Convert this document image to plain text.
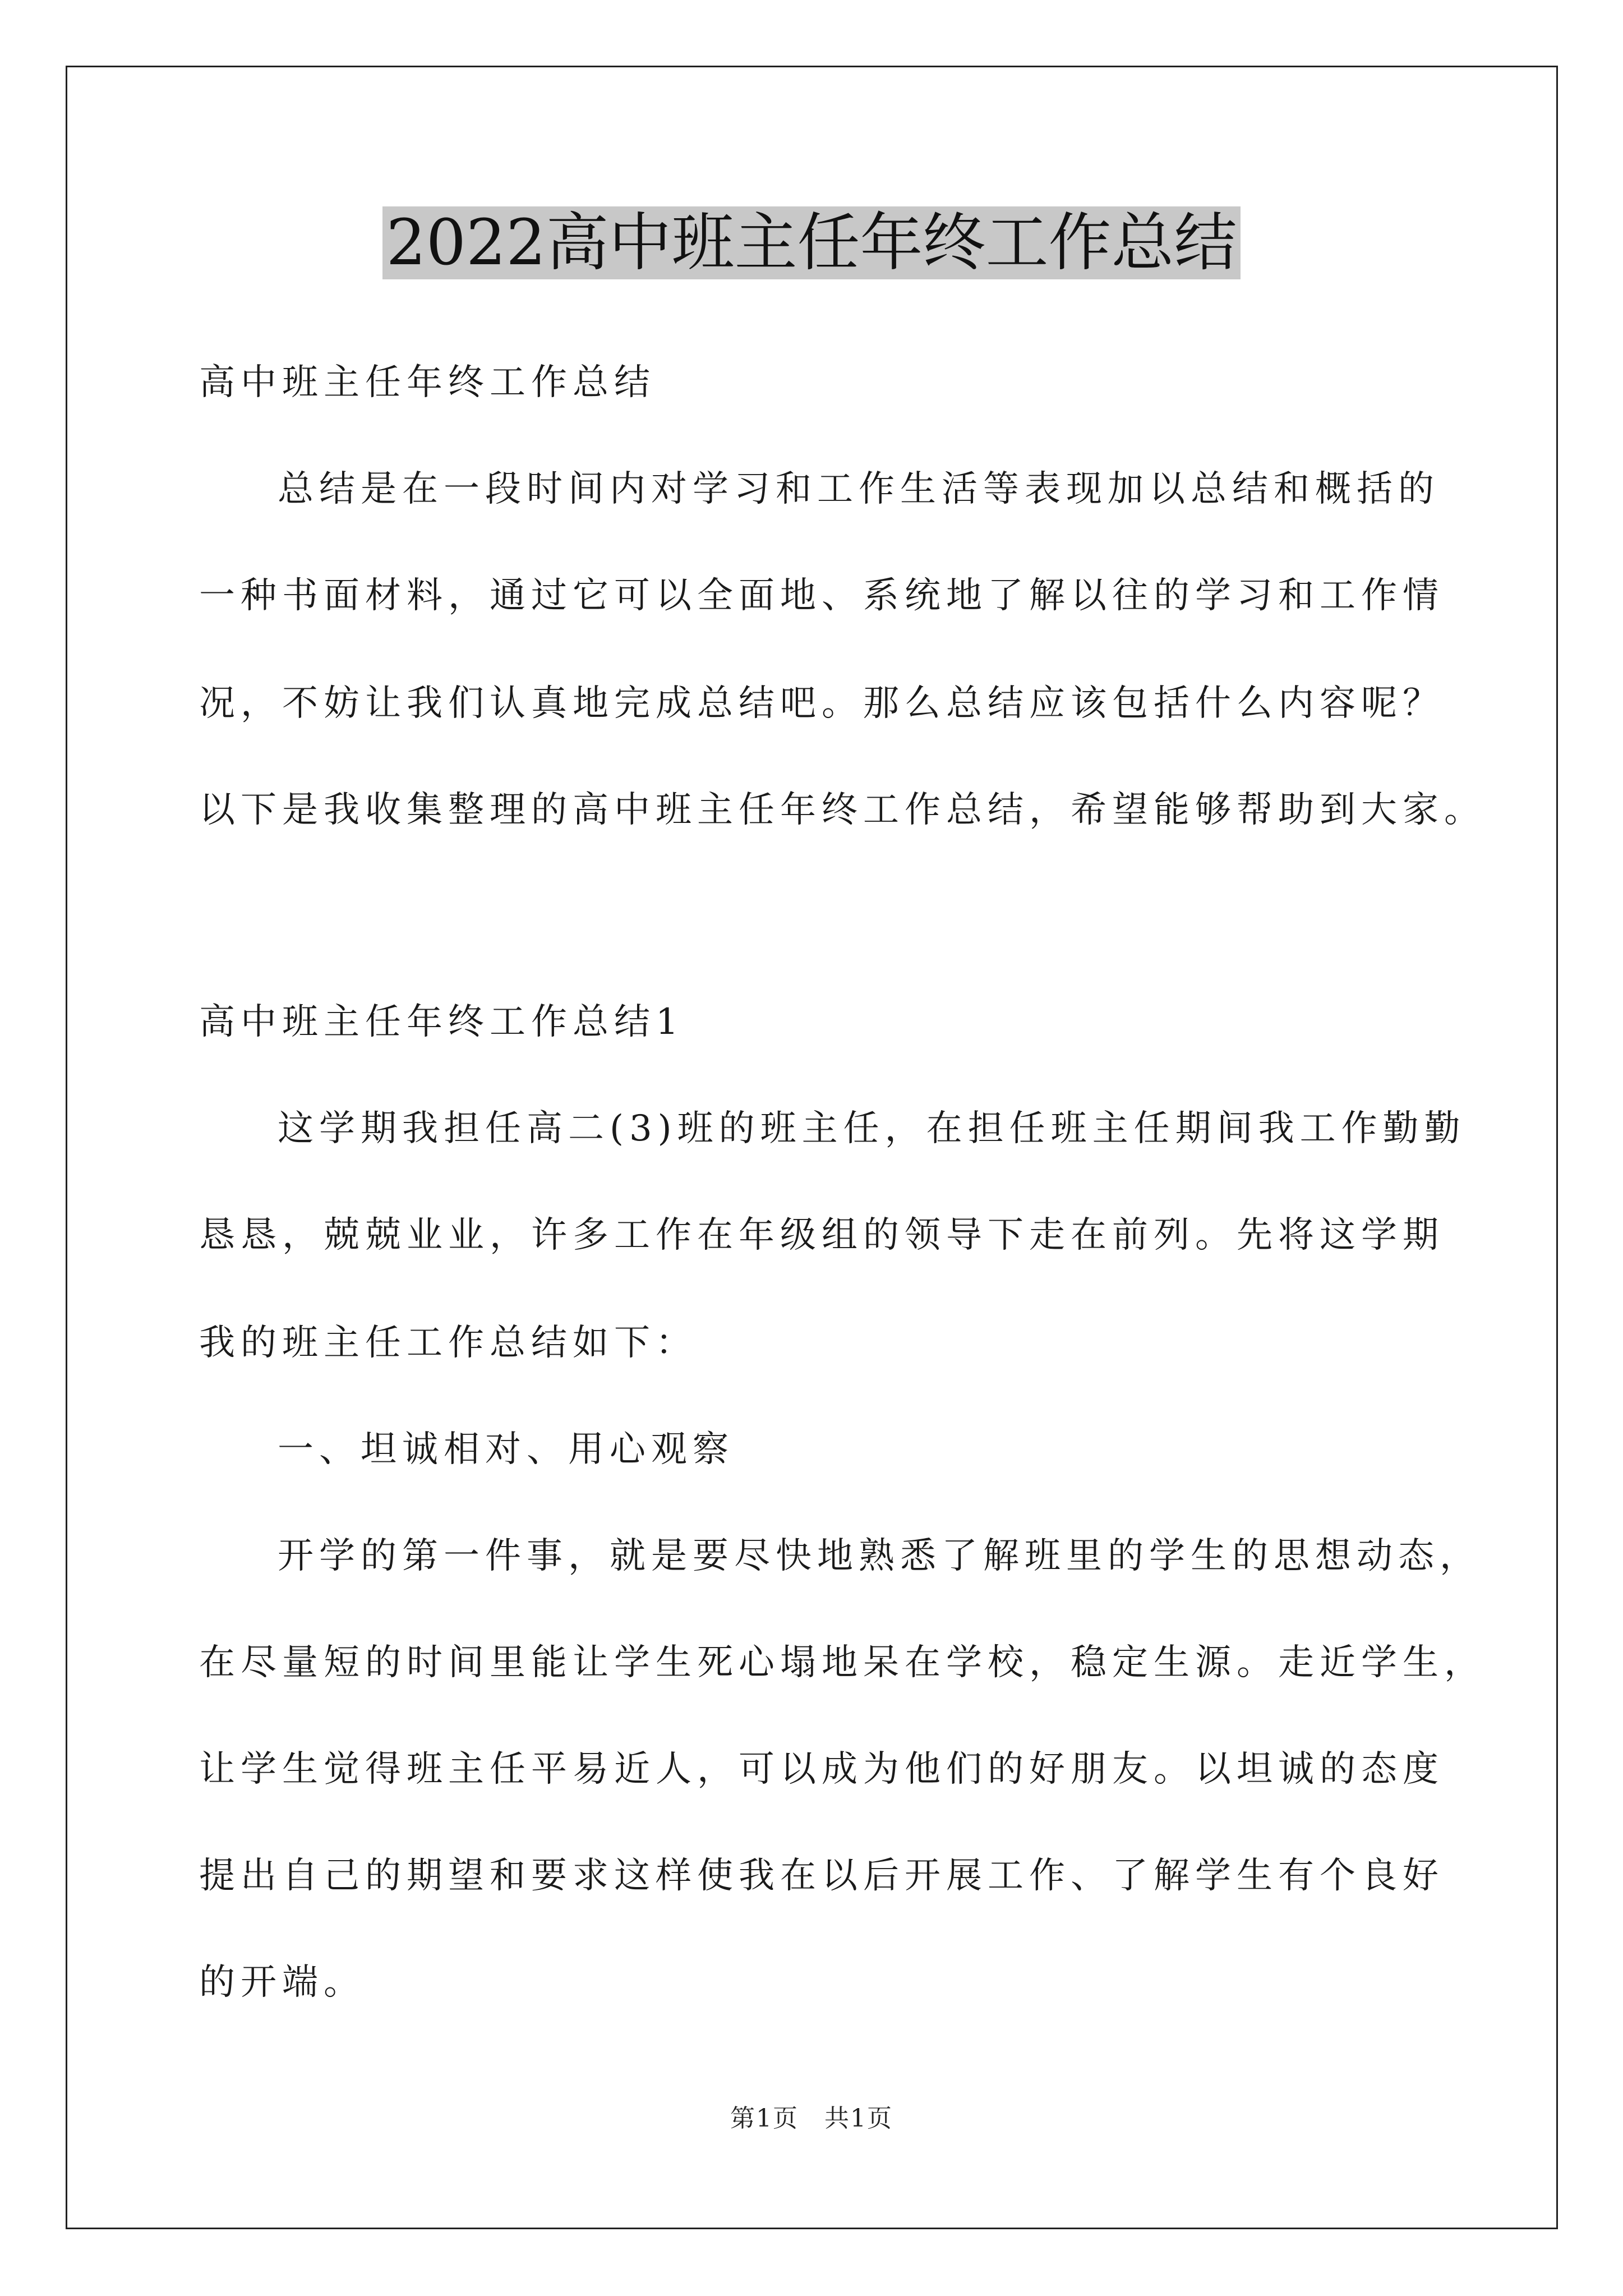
2022高中班主任年终工作总结
高中班主任年终工作总结
总结是在一段时间内对学习和工作生活等表现加以总结和概括的
一种书面材料，通过它可以全面地、系统地了解以往的学习和工作情
况，不妨让我们认真地完成总结吧。那么总结应该包括什么内容呢？
以下是我收集整理的高中班主任年终工作总结，希望能够帮助到大家。
高中班主任年终工作总结1
这学期我担任高二(3)班的班主任，在担任班主任期间我工作勤勤
恳恳，兢兢业业，许多工作在年级组的领导下走在前列。先将这学期
我的班主任工作总结如下：
一、坦诚相对、用心观察
开学的第一件事，就是要尽快地熟悉了解班里的学生的思想动态，
在尽量短的时间里能让学生死心塌地呆在学校，稳定生源。走近学生，
让学生觉得班主任平易近人，可以成为他们的好朋友。以坦诚的态度
提出自己的期望和要求这样使我在以后开展工作、了解学生有个良好
的开端。
第1页　共1页
